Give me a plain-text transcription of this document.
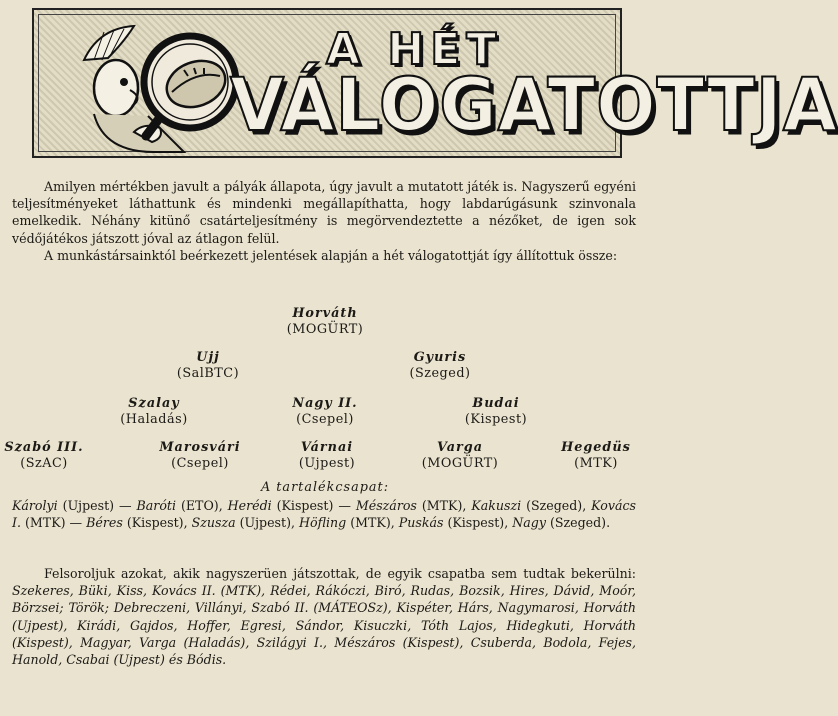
A HÉT
VÁLOGATOTTJA

Amilyen mértékben javult a pályák állapota, úgy javult a mutatott játék is. Nagyszerű egyéni teljesítményeket láthattunk és mindenki megállapíthatta, hogy labdarúgásunk szinvonala emelkedik. Néhány kitünő csatárteljesítmény is megörvendeztette a nézőket, de igen sok védőjátékos játszott jóval az átlagon felül.

A munkástársainktól beérkezett jelentések alapján a hét válogatottját így állítottuk össze:

Horváth
(MOGÜRT)
Ujj
(SalBTC)
Gyuris
(Szeged)
Szalay
(Haladás)
Nagy II.
(Csepel)
Budai
(Kispest)
Szabó III.
(SzAC)
Marosvári
(Csepel)
Várnai
(Ujpest)
Varga
(MOGÜRT)
Hegedüs
(MTK)
A tartalékcsapat:
Károlyi (Ujpest) — Baróti (ETO), Herédi (Kispest) — Mészáros (MTK), Kakuszi (Szeged), Kovács I. (MTK) — Béres (Kispest), Szusza (Ujpest), Höfling (MTK), Puskás (Kispest), Nagy (Szeged).

Felsoroljuk azokat, akik nagyszerüen játszottak, de egyik csapatba sem tudtak bekerülni: Szekeres, Büki, Kiss, Kovács II. (MTK), Rédei, Rákóczi, Biró, Rudas, Bozsik, Hires, Dávid, Moór, Börzsei; Török; Debreczeni, Villányi, Szabó II. (MÁTEOSz), Kispéter, Hárs, Nagymarosi, Horváth (Ujpest), Kirádi, Gajdos, Hoffer, Egresi, Sándor, Kisuczki, Tóth Lajos, Hidegkuti, Horváth (Kispest), Magyar, Varga (Haladás), Szilágyi I., Mészáros (Kispest), Csuberda, Bodola, Fejes, Hanold, Csabai (Ujpest) és Bódis.
